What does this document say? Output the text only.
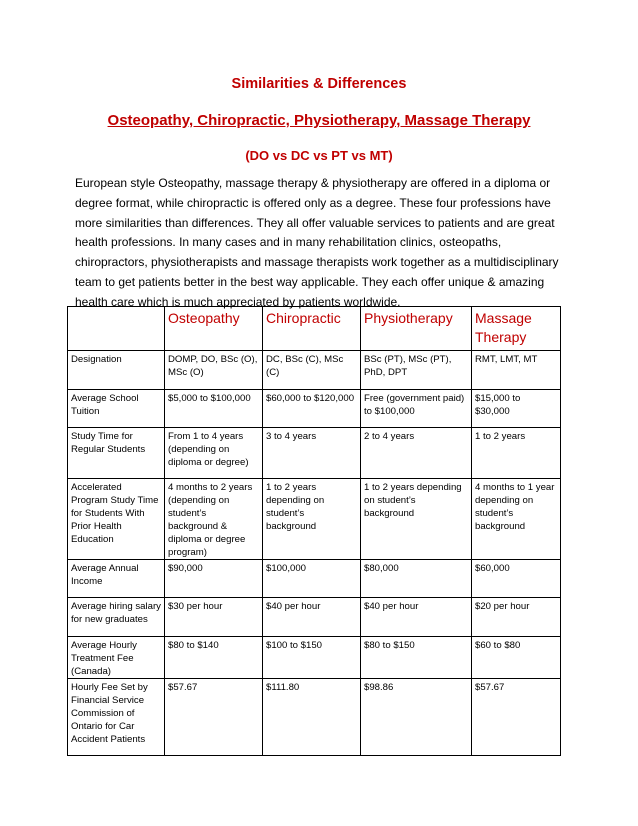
Similarities & Differences
Osteopathy, Chiropractic, Physiotherapy, Massage Therapy
(DO vs DC vs PT vs MT)

European style Osteopathy, massage therapy & physiotherapy are offered in a diploma or degree format, while chiropractic is offered only as a degree. These four professions have more similarities than differences. They all offer valuable services to patients and are great health professions. In many cases and in many rehabilitation clinics, osteopaths, chiropractors, physiotherapists and massage therapists work together as a multidisciplinary team to get patients better in the best way applicable. They each offer unique & amazing health care which is much appreciated by patients worldwide.

	Osteopathy	Chiropractic	Physiotherapy	Massage Therapy
Designation	DOMP, DO, BSc (O), MSc (O)	DC, BSc (C), MSc (C)	BSc (PT), MSc (PT), PhD, DPT	RMT, LMT, MT
Average School Tuition	$5,000 to $100,000	$60,000 to $120,000	Free (government paid) to $100,000	$15,000 to $30,000
Study Time for Regular Students	From 1 to 4 years (depending on diploma or degree)	3 to 4 years	2 to 4 years	1 to 2 years
Accelerated Program Study Time for Students With Prior Health Education	4 months to 2 years (depending on student’s background & diploma or degree program)	1 to 2 years depending on student’s background	1 to 2 years depending on student’s background	4 months to 1 year depending on student’s background
Average Annual Income	$90,000	$100,000	$80,000	$60,000
Average hiring salary for new graduates	$30 per hour	$40 per hour	$40 per hour	$20 per hour
Average Hourly Treatment Fee (Canada)	$80 to $140	$100 to $150	$80 to $150	$60 to $80
Hourly Fee Set by Financial Service Commission of Ontario for Car Accident Patients	$57.67	$111.80	$98.86	$57.67
